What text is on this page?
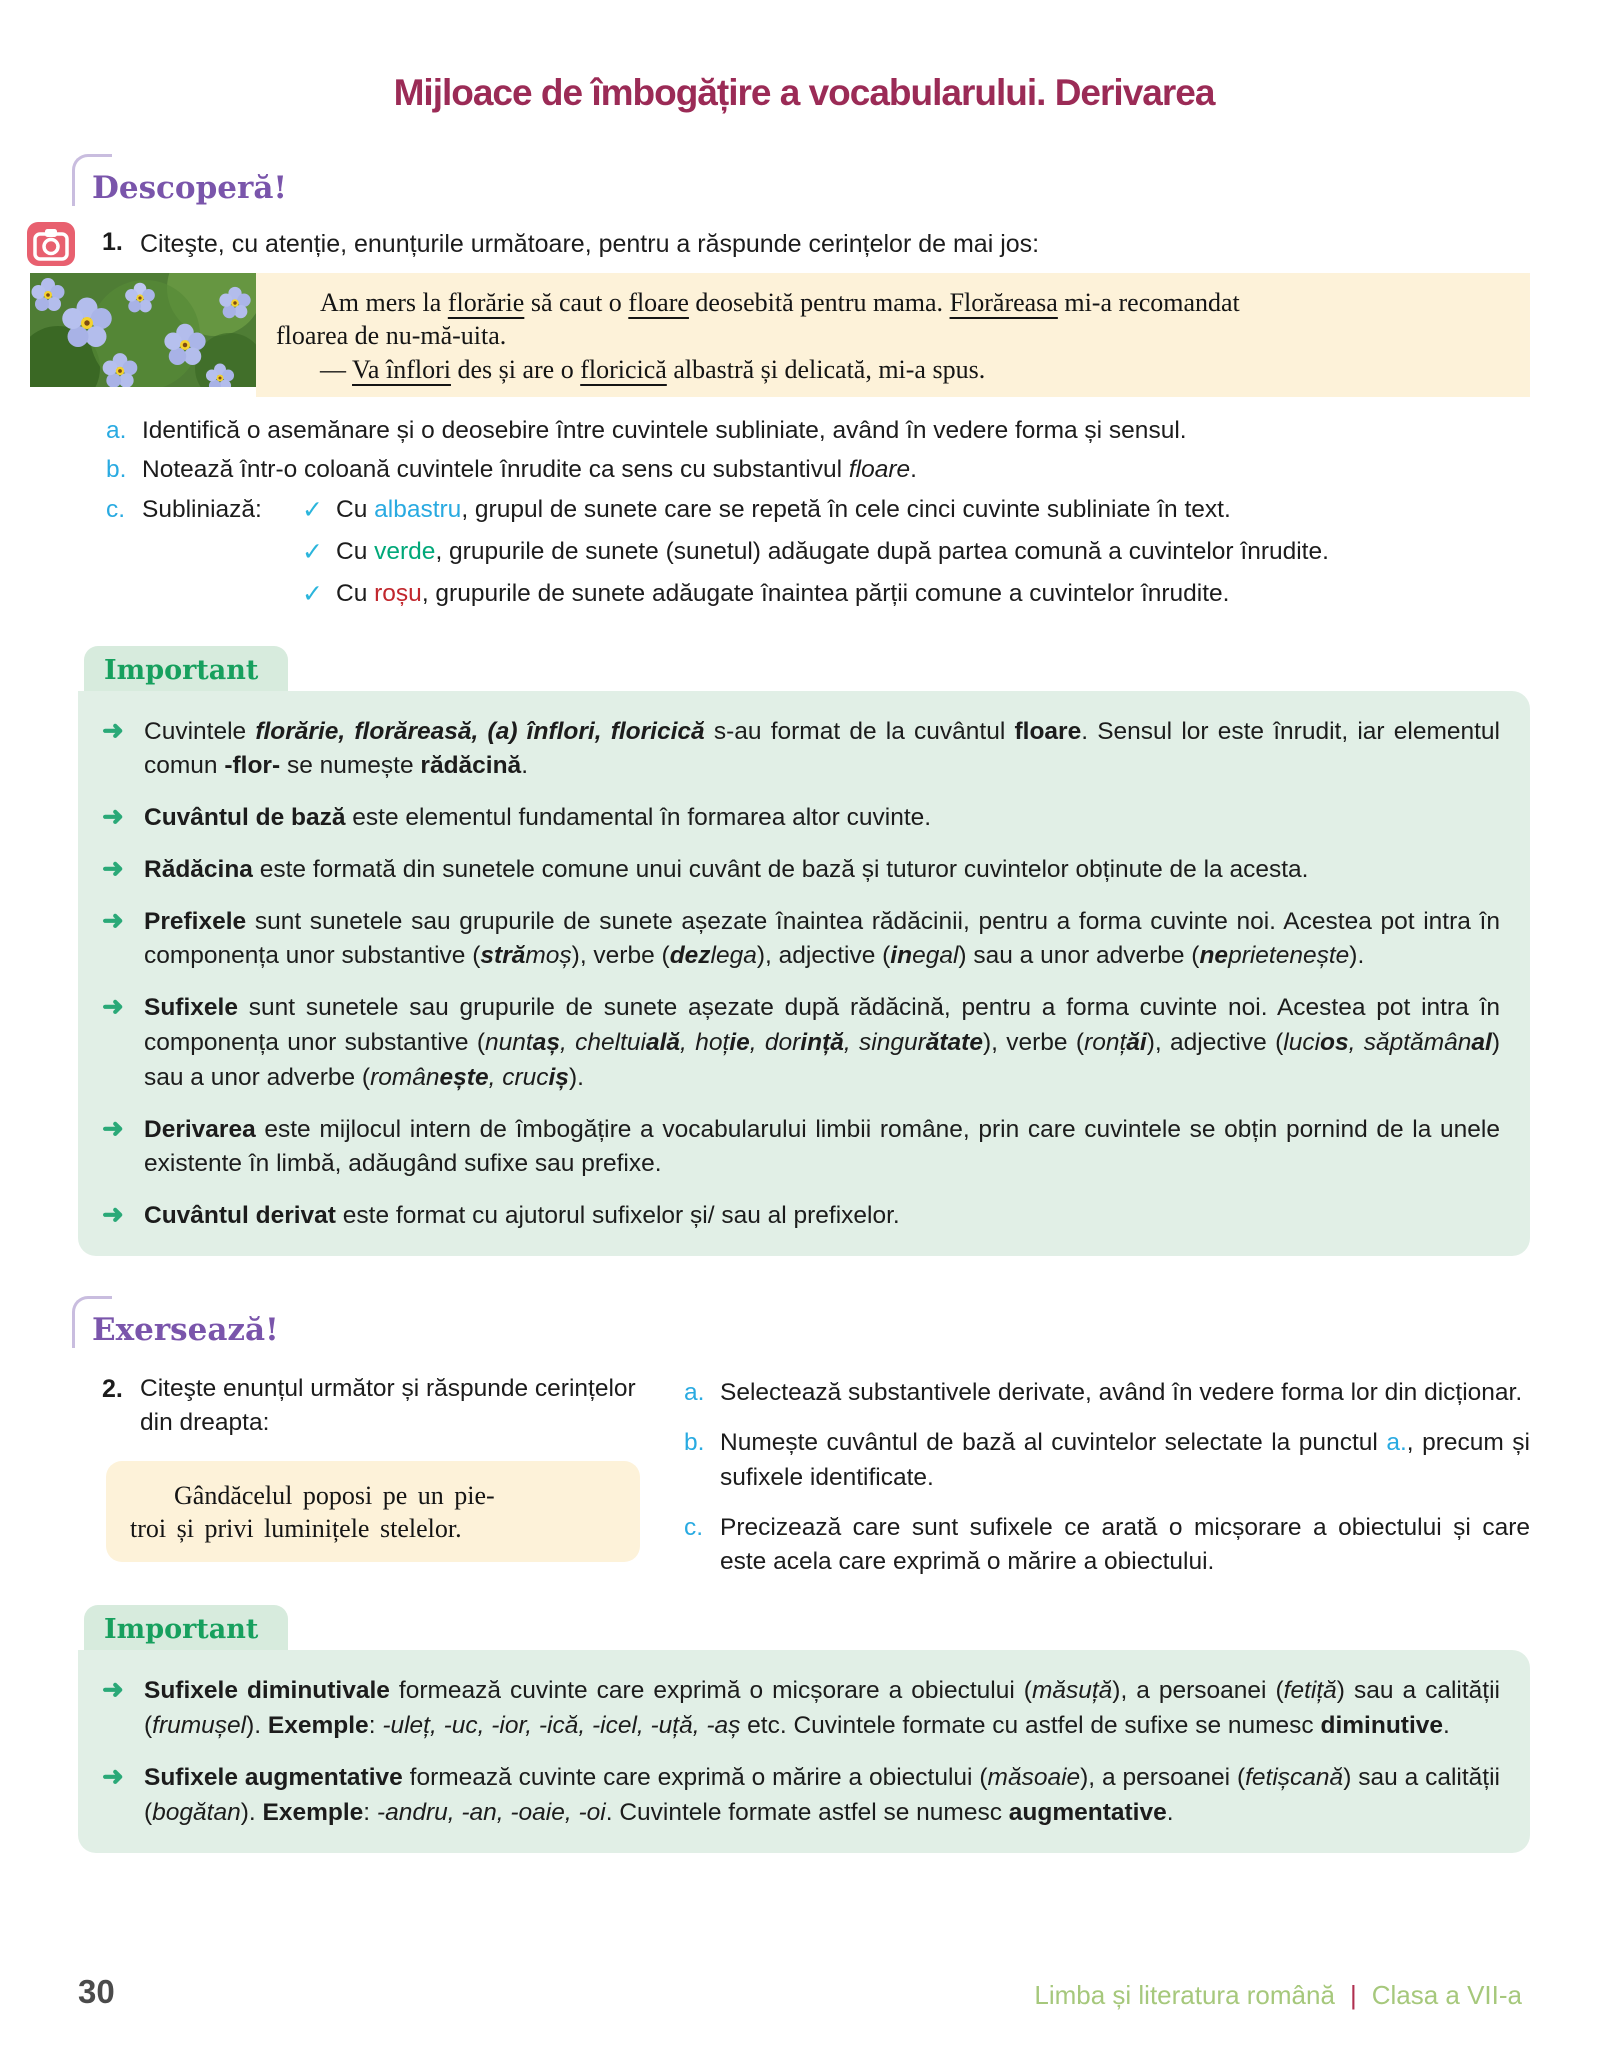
Mijloace de îmbogățire a vocabularului. Derivarea
Descoperă!
1. Citeşte, cu atenție, enunțurile următoare, pentru a răspunde cerințelor de mai jos:

Am mers la florărie să caut o floare deosebită pentru mama. Florăreasa mi-a recomandat

floarea de nu-mă-uita.

— Va înflori des și are o floricică albastră și delicată, mi-a spus.

a. Identifică o asemănare și o deosebire între cuvintele subliniate, având în vedere forma și sensul.
b. Notează într-o coloană cuvintele înrudite ca sens cu substantivul floare.
c. Subliniază:	✓ Cu albastru, grupul de sunete care se repetă în cele cinci cuvinte subliniate în text.
✓ Cu verde, grupurile de sunete (sunetul) adăugate după partea comună a cuvintelor înrudite.
✓ Cu roșu, grupurile de sunete adăugate înaintea părții comune a cuvintelor înrudite.
Important
➜ Cuvintele florărie, florăreasă, (a) înflori, floricică s-au format de la cuvântul floare. Sensul lor este înrudit, iar elementul comun -flor- se numește rădăcină.
➜ Cuvântul de bază este elementul fundamental în formarea altor cuvinte.
➜ Rădăcina este formată din sunetele comune unui cuvânt de bază și tuturor cuvintelor obținute de la acesta.
➜ Prefixele sunt sunetele sau grupurile de sunete așezate înaintea rădăcinii, pentru a forma cuvinte noi. Acestea pot intra în componența unor substantive (strămoș), verbe (dezlega), adjective (inegal) sau a unor adverbe (neprietenește).
➜ Sufixele sunt sunetele sau grupurile de sunete așezate după rădăcină, pentru a forma cuvinte noi. Acestea pot intra în componența unor substantive (nuntaș, cheltuială, hoție, dorință, singurătate), verbe (ronțăi), adjective (lucios, săptămânal) sau a unor adverbe (românește, cruciș).
➜ Derivarea este mijlocul intern de îmbogățire a vocabularului limbii române, prin care cuvintele se obțin pornind de la unele existente în limbă, adăugând sufixe sau prefixe.
➜ Cuvântul derivat este format cu ajutorul sufixelor și/ sau al prefixelor.
Exersează!
2. Citeşte enunțul următor și răspunde cerințelor din dreapta:

Gândăcelul poposi pe un pie-

troi și privi luminițele stelelor.

a. Selectează substantivele derivate, având în vedere forma lor din dicționar.
b. Numește cuvântul de bază al cuvintelor selectate la punctul a., precum și sufixele identificate.
c. Precizează care sunt sufixele ce arată o micșorare a obiectului și care este acela care exprimă o mărire a obiectului.
Important
➜ Sufixele diminutivale formează cuvinte care exprimă o micșorare a obiectului (măsuță), a persoanei (fetiță) sau a calității (frumușel). Exemple: -uleț, -uc, -ior, -ică, -icel, -uță, -aș etc. Cuvintele formate cu astfel de sufixe se numesc diminutive.
➜ Sufixele augmentative formează cuvinte care exprimă o mărire a obiectului (măsoaie), a persoanei (fetișcană) sau a calității (bogătan). Exemple: -andru, -an, -oaie, -oi. Cuvintele formate astfel se numesc augmentative.
30	Limba și literatura română | Clasa a VII-a
